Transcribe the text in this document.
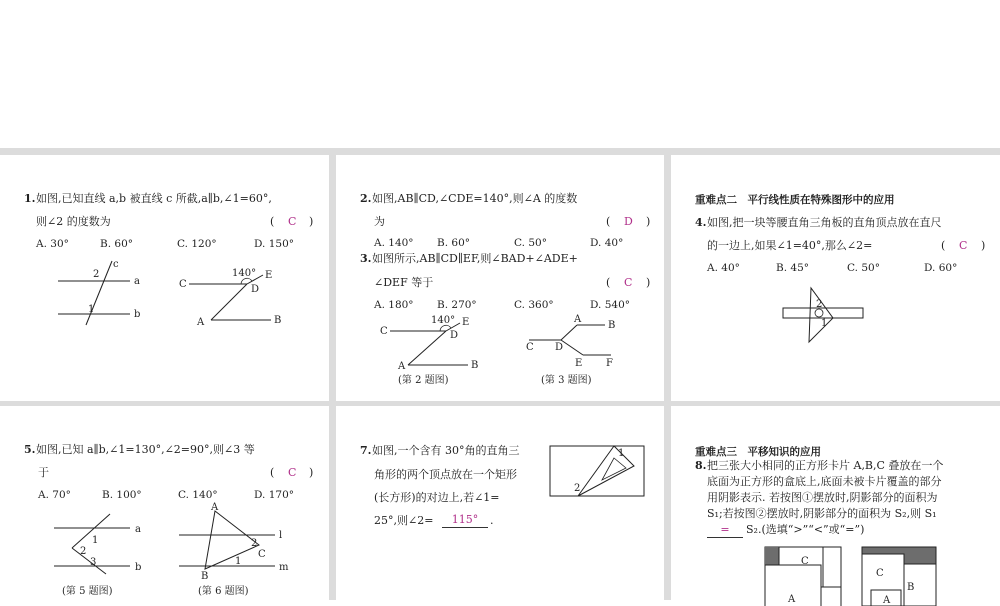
1. 如图,已知直线 a,b 被直线 c 所截,a∥b,∠1=60°,
则∠2 的度数为	( C )
A. 30°	B. 60°	C. 120°	D. 150°
c
a
b
2
1
140° E
C	D
A	B
2. 如图,AB∥CD,∠CDE=140°,则∠A 的度数
为	( D )
A. 140° B. 60°	C. 50°	D. 40°
3. 如图所示,AB∥CD∥EF,则∠BAD+∠ADE+
∠DEF 等于	( C )
A. 180° B. 270°	C. 360°	D. 540°
140° E
C	D
A	B
(第 2 题图)
A
B
C D
E F
(第 3 题图)
重难点二　平行线性质在特殊图形中的应用
4. 如图,把一块等腰直角三角板的直角顶点放在直尺
的一边上,如果∠1=40°,那么∠2=	( C )
A. 40°	B. 45°	C. 50°	D. 60°
2
1
5. 如图,已知 a∥b,∠1=130°,∠2=90°,则∠3 等
于	( C )
A. 70°	B. 100°	C. 140°	D. 170°
a
b
1
2
3
(第 5 题图)
A
B
C
l
m
2
1
(第 6 题图)
7. 如图,一个含有 30°角的直角三
角形的两个顶点放在一个矩形
(长方形)的对边上,若∠1=
25°,则∠2=	115°	.
1
2
重难点三　平移知识的应用
8. 把三张大小相同的正方形卡片 A,B,C 叠放在一个
底面为正方形的盒底上,底面未被卡片覆盖的部分
用阴影表示. 若按图①摆放时,阴影部分的面积为
S₁;若按图②摆放时,阴影部分的面积为 S₂,则 S₁
=	S₂.(选填“>”“<”或“=”)
C
A
C
B
A
